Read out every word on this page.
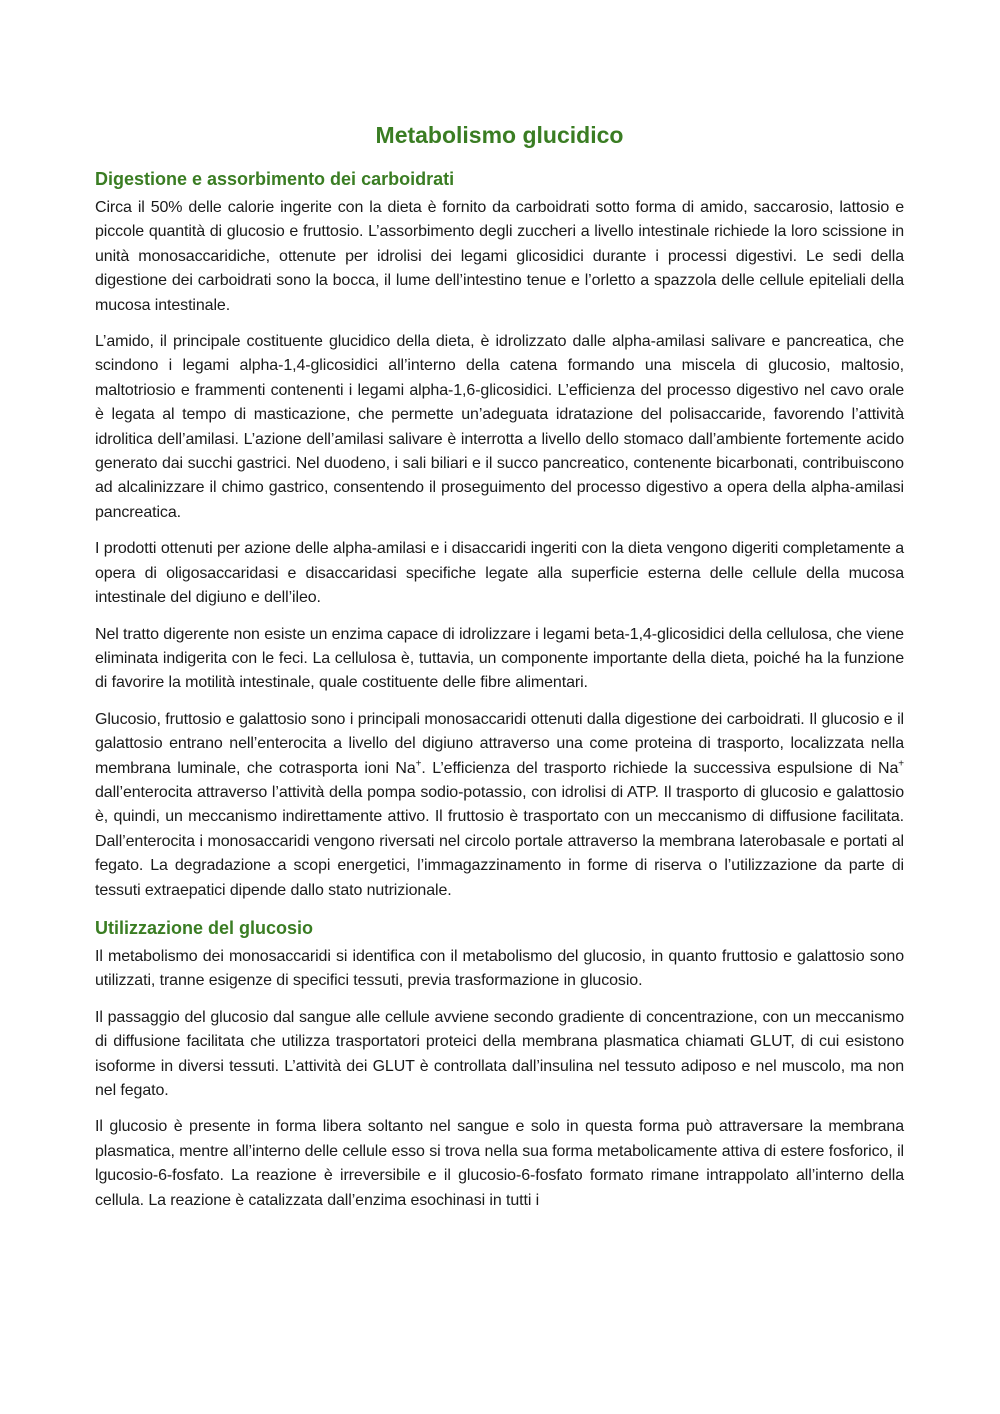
Metabolismo glucidico
Digestione e assorbimento dei carboidrati

Circa il 50% delle calorie ingerite con la dieta è fornito da carboidrati sotto forma di amido, saccarosio, lattosio e piccole quantità di glucosio e fruttosio. L’assorbimento degli zuccheri a livello intestinale richiede la loro scissione in unità monosaccaridiche, ottenute per idrolisi dei legami glicosidici durante i processi digestivi. Le sedi della digestione dei carboidrati sono la bocca, il lume dell’intestino tenue e l’orletto a spazzola delle cellule epiteliali della mucosa intestinale.

L’amido, il principale costituente glucidico della dieta, è idrolizzato dalle alpha-amilasi salivare e pancreatica, che scindono i legami alpha-1,4-glicosidici all’interno della catena formando una miscela di glucosio, maltosio, maltotriosio e frammenti contenenti i legami alpha-1,6-glicosidici. L’efficienza del processo digestivo nel cavo orale è legata al tempo di masticazione, che permette un’adeguata idratazione del polisaccaride, favorendo l’attività idrolitica dell’amilasi. L’azione dell’amilasi salivare è interrotta a livello dello stomaco dall’ambiente fortemente acido generato dai succhi gastrici. Nel duodeno, i sali biliari e il succo pancreatico, contenente bicarbonati, contribuiscono ad alcalinizzare il chimo gastrico, consentendo il proseguimento del processo digestivo a opera della alpha-amilasi pancreatica.

I prodotti ottenuti per azione delle alpha-amilasi e i disaccaridi ingeriti con la dieta vengono digeriti completamente a opera di oligosaccaridasi e disaccaridasi specifiche legate alla superficie esterna delle cellule della mucosa intestinale del digiuno e dell’ileo.

Nel tratto digerente non esiste un enzima capace di idrolizzare i legami beta-1,4-glicosidici della cellulosa, che viene eliminata indigerita con le feci. La cellulosa è, tuttavia, un componente importante della dieta, poiché ha la funzione di favorire la motilità intestinale, quale costituente delle fibre alimentari.

Glucosio, fruttosio e galattosio sono i principali monosaccaridi ottenuti dalla digestione dei carboidrati. Il glucosio e il galattosio entrano nell’enterocita a livello del digiuno attraverso una come proteina di trasporto, localizzata nella membrana luminale, che cotrasporta ioni Na+. L’efficienza del trasporto richiede la successiva espulsione di Na+ dall’enterocita attraverso l’attività della pompa sodio-potassio, con idrolisi di ATP. Il trasporto di glucosio e galattosio è, quindi, un meccanismo indirettamente attivo. Il fruttosio è trasportato con un meccanismo di diffusione facilitata. Dall’enterocita i monosaccaridi vengono riversati nel circolo portale attraverso la membrana laterobasale e portati al fegato. La degradazione a scopi energetici, l’immagazzinamento in forme di riserva o l’utilizzazione da parte di tessuti extraepatici dipende dallo stato nutrizionale.

Utilizzazione del glucosio

Il metabolismo dei monosaccaridi si identifica con il metabolismo del glucosio, in quanto fruttosio e galattosio sono utilizzati, tranne esigenze di specifici tessuti, previa trasformazione in glucosio.

Il passaggio del glucosio dal sangue alle cellule avviene secondo gradiente di concentrazione, con un meccanismo di diffusione facilitata che utilizza trasportatori proteici della membrana plasmatica chiamati GLUT, di cui esistono isoforme in diversi tessuti. L’attività dei GLUT è controllata dall’insulina nel tessuto adiposo e nel muscolo, ma non nel fegato.

Il glucosio è presente in forma libera soltanto nel sangue e solo in questa forma può attraversare la membrana plasmatica, mentre all’interno delle cellule esso si trova nella sua forma metabolicamente attiva di estere fosforico, il lgucosio-6-fosfato. La reazione è irreversibile e il glucosio-6-fosfato formato rimane intrappolato all’interno della cellula. La reazione è catalizzata dall’enzima esochinasi in tutti i
